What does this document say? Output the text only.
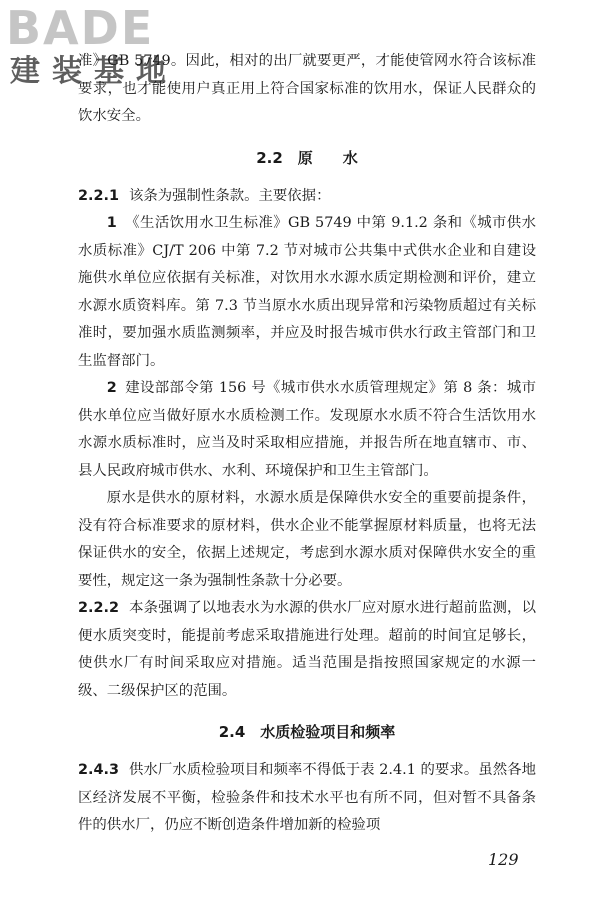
BADE
建装基地

准》GB 5749。因此，相对的出厂就要更严，才能使管网水符合该标准要求，也才能使用户真正用上符合国家标准的饮用水，保证人民群众的饮水安全。

2.2　原　　水

2.2.1 该条为强制性条款。主要依据：

1 《生活饮用水卫生标准》GB 5749 中第 9.1.2 条和《城市供水水质标准》CJ/T 206 中第 7.2 节对城市公共集中式供水企业和自建设施供水单位应依据有关标准，对饮用水水源水质定期检测和评价，建立水源水质资料库。第 7.3 节当原水水质出现异常和污染物质超过有关标准时，要加强水质监测频率，并应及时报告城市供水行政主管部门和卫生监督部门。

2 建设部部令第 156 号《城市供水水质管理规定》第 8 条：城市供水单位应当做好原水水质检测工作。发现原水水质不符合生活饮用水水源水质标准时，应当及时采取相应措施，并报告所在地直辖市、市、县人民政府城市供水、水利、环境保护和卫生主管部门。

原水是供水的原材料，水源水质是保障供水安全的重要前提条件，没有符合标准要求的原材料，供水企业不能掌握原材料质量，也将无法保证供水的安全，依据上述规定，考虑到水源水质对保障供水安全的重要性，规定这一条为强制性条款十分必要。

2.2.2 本条强调了以地表水为水源的供水厂应对原水进行超前监测，以便水质突变时，能提前考虑采取措施进行处理。超前的时间宜足够长，使供水厂有时间采取应对措施。适当范围是指按照国家规定的水源一级、二级保护区的范围。

2.4　水质检验项目和频率

2.4.3 供水厂水质检验项目和频率不得低于表 2.4.1 的要求。虽然各地区经济发展不平衡，检验条件和技术水平也有所不同，但对暂不具备条件的供水厂，仍应不断创造条件增加新的检验项

129
